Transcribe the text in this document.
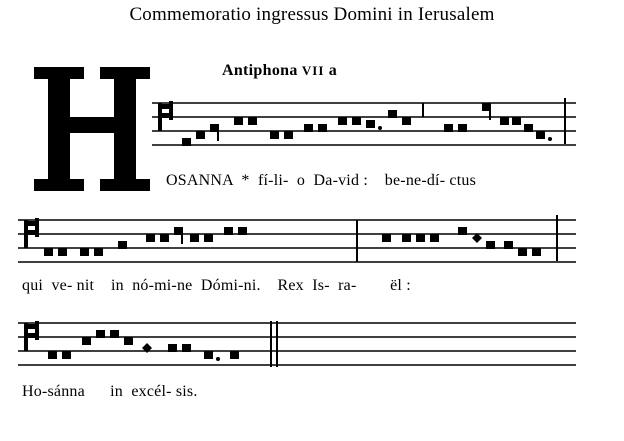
Commemoratio ingressus Domini in Ierusalem
Antiphona VII a
OSANNA  *  fí-li-  o  Da-vid :    be-ne-dí- ctus
qui  ve- nit    in  nó-mi-ne  Dómi-ni.    Rex  Is-  ra-        ël :
Ho-sánna      in  excél- sis.
